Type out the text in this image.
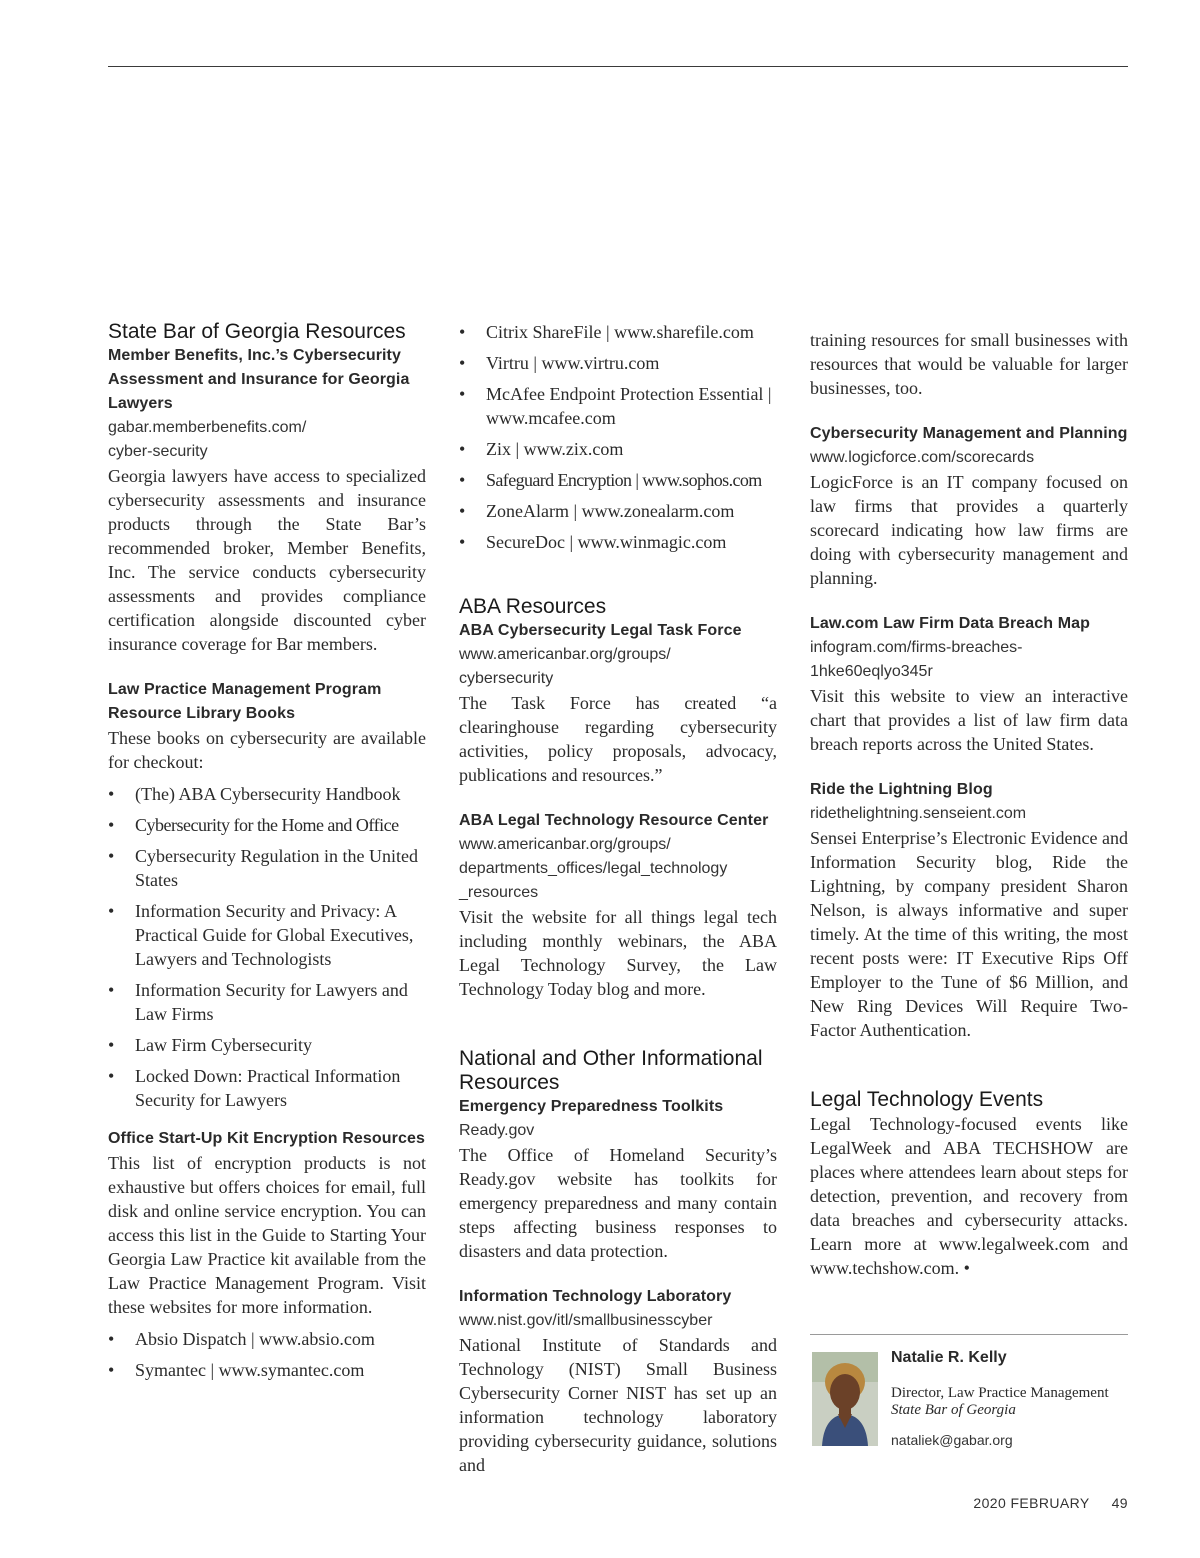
State Bar of Georgia Resources
Member Benefits, Inc.’s Cybersecurity Assessment and Insurance for Georgia Lawyers
gabar.memberbenefits.com/
cyber-security

Georgia lawyers have access to specialized cybersecurity assessments and insurance products through the State Bar’s recommended broker, Member Benefits, Inc. The service conducts cybersecurity assessments and provides compliance certification alongside discounted cyber insurance coverage for Bar members.

Law Practice Management Program Resource Library Books

These books on cybersecurity are available for checkout:

• (The) ABA Cybersecurity Handbook
• Cybersecurity for the Home and Office
• Cybersecurity Regulation in the United States
• Information Security and Privacy: A Practical Guide for Global Executives, Lawyers and Technologists
• Information Security for Lawyers and Law Firms
• Law Firm Cybersecurity
• Locked Down: Practical Information Security for Lawyers
Office Start-Up Kit Encryption Resources

This list of encryption products is not exhaustive but offers choices for email, full disk and online service encryption. You can access this list in the Guide to Starting Your Georgia Law Practice kit available from the Law Practice Management Program. Visit these websites for more information.

• Absio Dispatch | www.absio.com
• Symantec | www.symantec.com
• Citrix ShareFile | www.sharefile.com
• Virtru | www.virtru.com
• McAfee Endpoint Protection Essential | www.mcafee.com
• Zix | www.zix.com
• Safeguard Encryption | www.sophos.com
• ZoneAlarm | www.zonealarm.com
• SecureDoc | www.winmagic.com
ABA Resources
ABA Cybersecurity Legal Task Force
www.americanbar.org/groups/
cybersecurity

The Task Force has created “a clearinghouse regarding cybersecurity activities, policy proposals, advocacy, publications and resources.”

ABA Legal Technology Resource Center
www.americanbar.org/groups/
departments_offices/legal_technology
_resources

Visit the website for all things legal tech including monthly webinars, the ABA Legal Technology Survey, the Law Technology Today blog and more.

National and Other Informational Resources
Emergency Preparedness Toolkits
Ready.gov

The Office of Homeland Security’s Ready.gov website has toolkits for emergency preparedness and many contain steps affecting business responses to disasters and data protection.

Information Technology Laboratory
www.nist.gov/itl/smallbusinesscyber

National Institute of Standards and Technology (NIST) Small Business Cybersecurity Corner NIST has set up an information technology laboratory providing cybersecurity guidance, solutions and

training resources for small businesses with resources that would be valuable for larger businesses, too.

Cybersecurity Management and Planning
www.logicforce.com/scorecards

LogicForce is an IT company focused on law firms that provides a quarterly scorecard indicating how law firms are doing with cybersecurity management and planning.

Law.com Law Firm Data Breach Map
infogram.com/firms-breaches-
1hke60eqlyo345r

Visit this website to view an interactive chart that provides a list of law firm data breach reports across the United States.

Ride the Lightning Blog
ridethelightning.senseient.com

Sensei Enterprise’s Electronic Evidence and Information Security blog, Ride the Lightning, by company president Sharon Nelson, is always informative and super timely. At the time of this writing, the most recent posts were: IT Executive Rips Off Employer to the Tune of $6 Million, and New Ring Devices Will Require Two-Factor Authentication.

Legal Technology Events

Legal Technology-focused events like LegalWeek and ABA TECHSHOW are places where attendees learn about steps for detection, prevention, and recovery from data breaches and cybersecurity attacks. Learn more at www.legalweek.com and www.techshow.com. •

Natalie R. Kelly
Director, Law Practice Management
State Bar of Georgia
nataliek@gabar.org
2020 FEBRUARY 49
